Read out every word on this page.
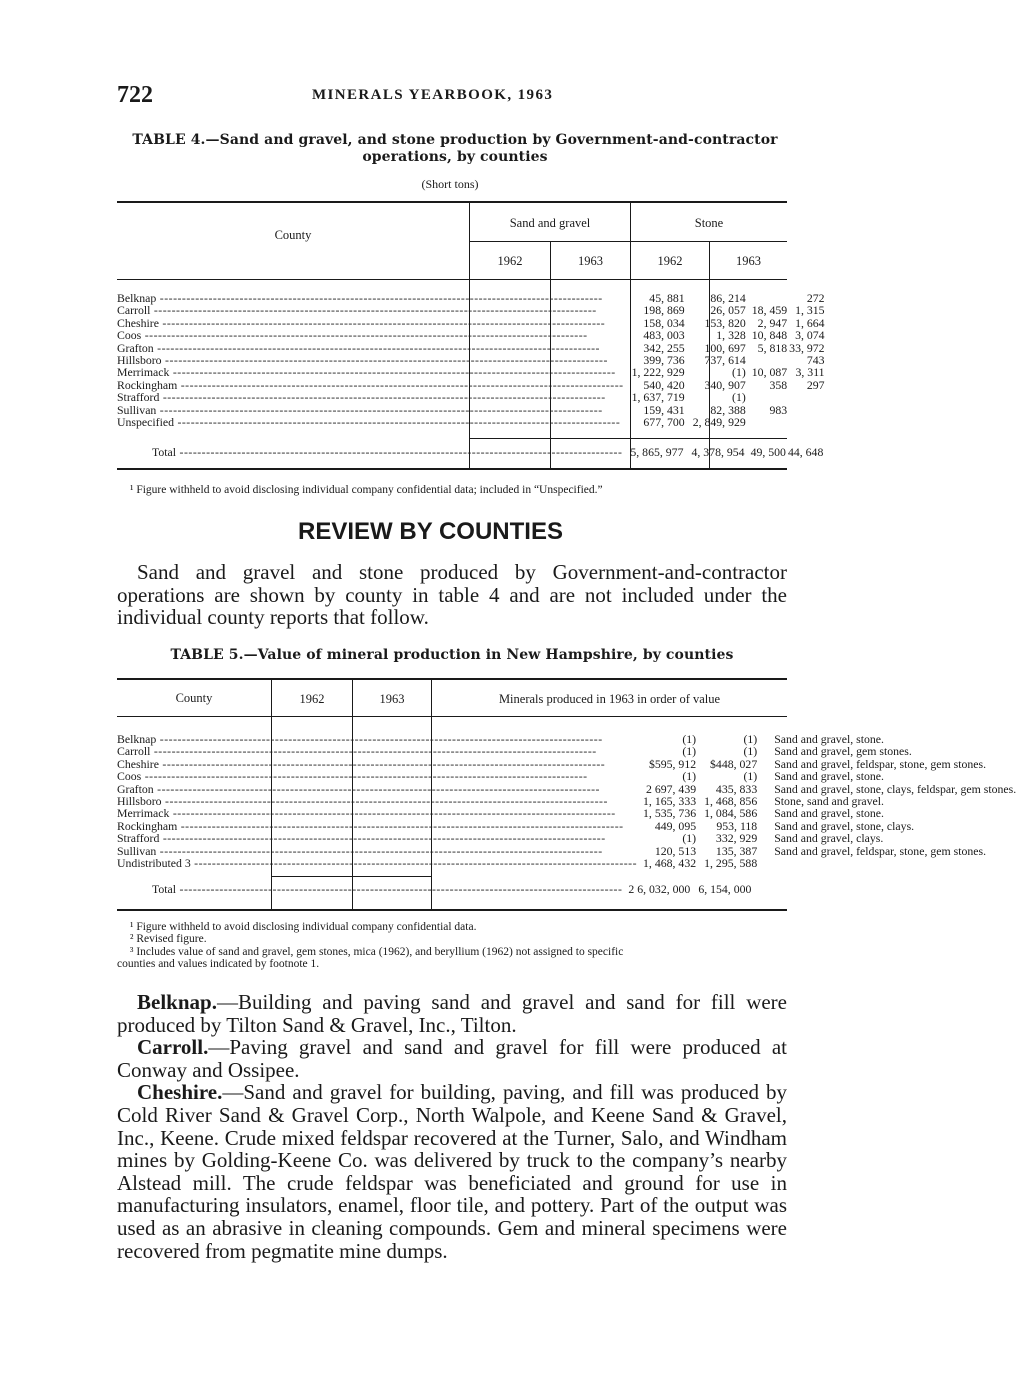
722	MINERALS YEARBOOK, 1963
TABLE 4.—Sand and gravel, and stone production by Government-and-contractor
operations, by counties
(Short tons)
County
Sand and gravel	Stone
1962	1963	1962	1963
Belknap -----	45, 881	86, 214		272

Carroll -----	198, 869	26, 057	18, 459	1, 315

Cheshire -----	158, 034	153, 820	2, 947	1, 664

Coos -----	483, 003	1, 328	10, 848	3, 074

Grafton -----	342, 255	100, 697	5, 818	33, 972

Hillsboro -----	399, 736	737, 614		743

Merrimack -----	1, 222, 929	(1)	10, 087	3, 311

Rockingham -----	540, 420	340, 907	358	297

Strafford -----	1, 637, 719	(1)		

Sullivan -----	159, 431	82, 388	983	

Unspecified -----	677, 700	2, 849, 929		
Total -----	5, 865, 977	4, 378, 954	49, 500	44, 648
¹ Figure withheld to avoid disclosing individual company confidential data; included in “Unspecified.”
REVIEW BY COUNTIES

Sand and gravel and stone produced by Government-and-contractor operations are shown by county in table 4 and are not included under the individual county reports that follow.

TABLE 5.—Value of mineral production in New Hampshire, by counties
County	1962	1963	Minerals produced in 1963 in order of value
Belknap -----	(1)	(1)	Sand and gravel, stone.

Carroll -----	(1)	(1)	Sand and gravel, gem stones.

Cheshire -----	$595, 912	$448, 027	Sand and gravel, feldspar, stone, gem stones.

Coos -----	(1)	(1)	Sand and gravel, stone.

Grafton -----	2 697, 439	435, 833	Sand and gravel, stone, clays, feldspar, gem stones.

Hillsboro -----	1, 165, 333	1, 468, 856	Stone, sand and gravel.

Merrimack -----	1, 535, 736	1, 084, 586	Sand and gravel, stone.

Rockingham -----	449, 095	953, 118	Sand and gravel, stone, clays.

Strafford -----	(1)	332, 929	Sand and gravel, clays.

Sullivan -----	120, 513	135, 387	Sand and gravel, feldspar, stone, gem stones.

Undistributed 3 -----	1, 468, 432	1, 295, 588	
Total -----	2 6, 032, 000	6, 154, 000
¹ Figure withheld to avoid disclosing individual company confidential data.
² Revised figure.
³ Includes value of sand and gravel, gem stones, mica (1962), and beryllium (1962) not assigned to specific
counties and values indicated by footnote 1.

Belknap.—Building and paving sand and gravel and sand for fill were produced by Tilton Sand & Gravel, Inc., Tilton.

Carroll.—Paving gravel and sand and gravel for fill were produced at Conway and Ossipee.

Cheshire.—Sand and gravel for building, paving, and fill was produced by Cold River Sand & Gravel Corp., North Walpole, and Keene Sand & Gravel, Inc., Keene. Crude mixed feldspar recovered at the Turner, Salo, and Windham mines by Golding-Keene Co. was delivered by truck to the company’s nearby Alstead mill. The crude feldspar was beneficiated and ground for use in manufacturing insulators, enamel, floor tile, and pottery. Part of the output was used as an abrasive in cleaning compounds. Gem and mineral specimens were recovered from pegmatite mine dumps.
